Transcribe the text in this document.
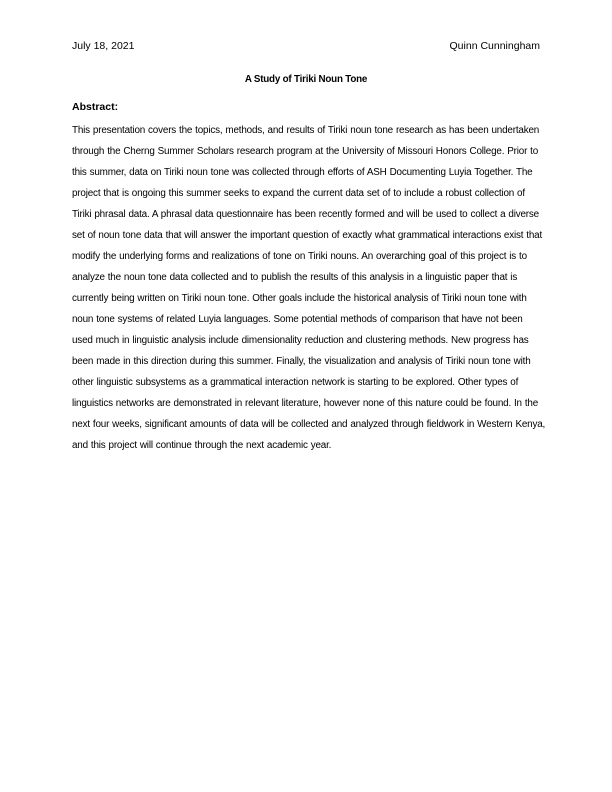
July 18, 2021	Quinn Cunningham
A Study of Tiriki Noun Tone
Abstract:
This presentation covers the topics, methods, and results of Tiriki noun tone research as has been undertaken through the Cherng Summer Scholars research program at the University of Missouri Honors College. Prior to this summer, data on Tiriki noun tone was collected through efforts of ASH Documenting Luyia Together. The project that is ongoing this summer seeks to expand the current data set of to include a robust collection of Tiriki phrasal data. A phrasal data questionnaire has been recently formed and will be used to collect a diverse set of noun tone data that will answer the important question of exactly what grammatical interactions exist that modify the underlying forms and realizations of tone on Tiriki nouns. An overarching goal of this project is to analyze the noun tone data collected and to publish the results of this analysis in a linguistic paper that is currently being written on Tiriki noun tone. Other goals include the historical analysis of Tiriki noun tone with noun tone systems of related Luyia languages. Some potential methods of comparison that have not been used much in linguistic analysis include dimensionality reduction and clustering methods. New progress has been made in this direction during this summer. Finally, the visualization and analysis of Tiriki noun tone with other linguistic subsystems as a grammatical interaction network is starting to be explored. Other types of linguistics networks are demonstrated in relevant literature, however none of this nature could be found. In the next four weeks, significant amounts of data will be collected and analyzed through fieldwork in Western Kenya, and this project will continue through the next academic year.
